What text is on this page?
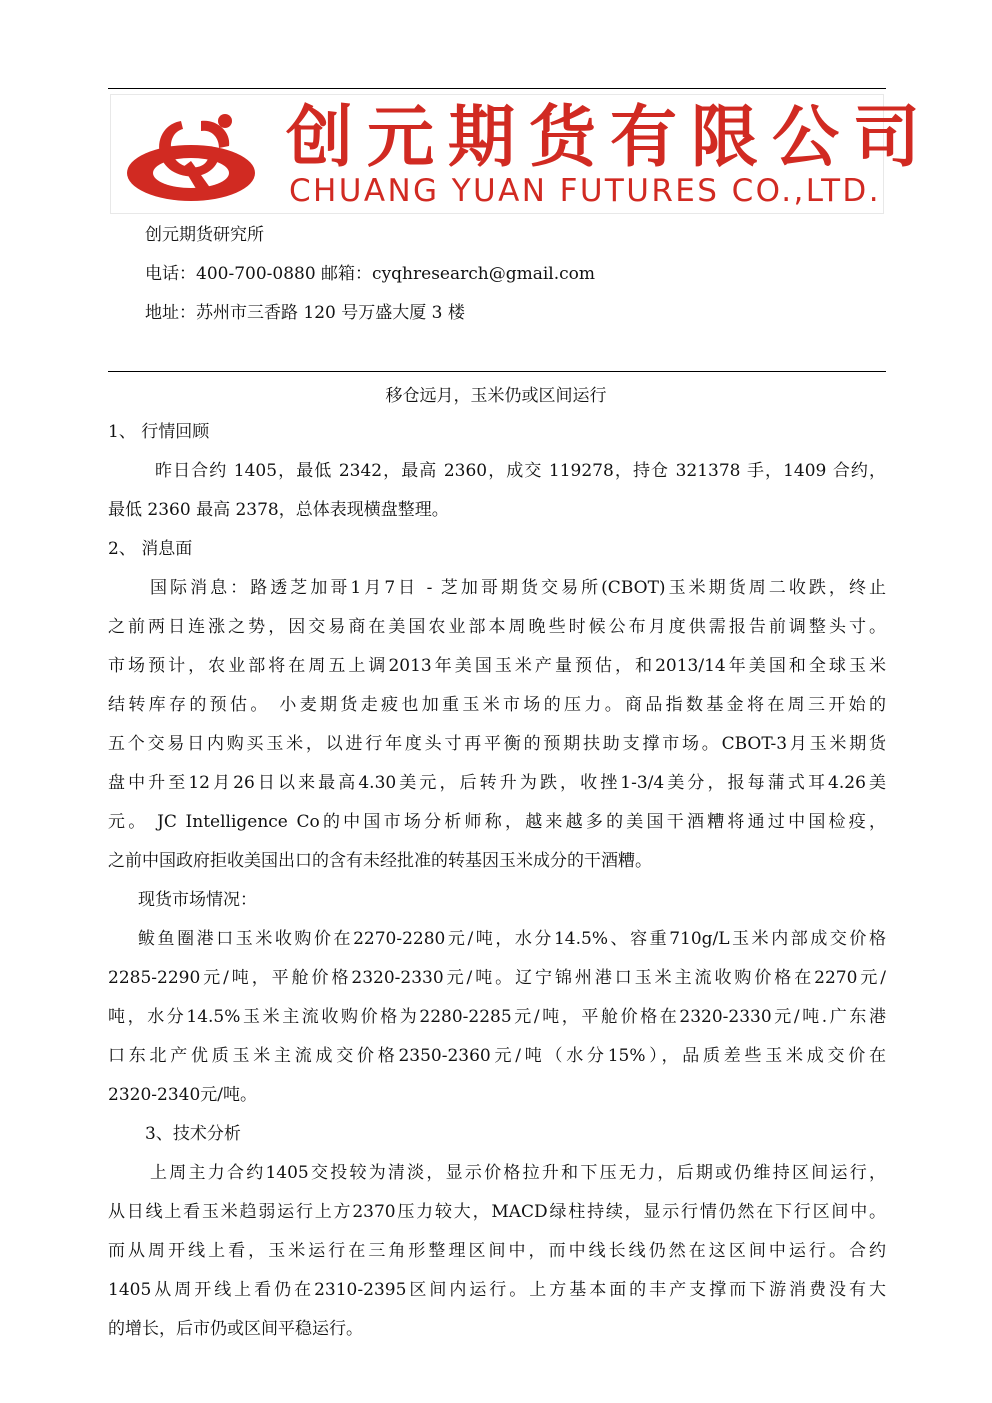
创元期货有限公司
CHUANG YUAN FUTURES CO.,LTD.
创元期货研究所
电话：400-700-0880 邮箱：cyqhresearch@gmail.com
地址：苏州市三香路 120 号万盛大厦 3 楼
移仓远月，玉米仍或区间运行
1、 行情回顾
昨日合约 1405，最低 2342，最高 2360，成交 119278，持仓 321378 手，1409 合约，
最低 2360 最高 2378，总体表现横盘整理。
2、 消息面
国际消息：路透芝加哥1月7日 - 芝加哥期货交易所(CBOT)玉米期货周二收跌，终止
之前两日连涨之势，因交易商在美国农业部本周晚些时候公布月度供需报告前调整头寸。
市场预计，农业部将在周五上调2013年美国玉米产量预估，和2013/14年美国和全球玉米
结转库存的预估。 小麦期货走疲也加重玉米市场的压力。商品指数基金将在周三开始的
五个交易日内购买玉米，以进行年度头寸再平衡的预期扶助支撑市场。CBOT-3月玉米期货
盘中升至12月26日以来最高4.30美元，后转升为跌，收挫1-3/4美分，报每蒲式耳4.26美
元。 JC Intelligence Co的中国市场分析师称，越来越多的美国干酒糟将通过中国检疫，
之前中国政府拒收美国出口的含有未经批准的转基因玉米成分的干酒糟。
现货市场情况：
鲅鱼圈港口玉米收购价在2270-2280元/吨，水分14.5%、容重710g/L玉米内部成交价格
2285-2290元/吨，平舱价格2320-2330元/吨。辽宁锦州港口玉米主流收购价格在2270元/
吨，水分14.5%玉米主流收购价格为2280-2285元/吨，平舱价格在2320-2330元/吨.广东港
口东北产优质玉米主流成交价格2350-2360元/吨（水分15%），品质差些玉米成交价在
2320-2340元/吨。
3、技术分析
上周主力合约1405交投较为清淡，显示价格拉升和下压无力，后期或仍维持区间运行，
从日线上看玉米趋弱运行上方2370压力较大，MACD绿柱持续，显示行情仍然在下行区间中。
而从周开线上看，玉米运行在三角形整理区间中，而中线长线仍然在这区间中运行。合约
1405从周开线上看仍在2310-2395区间内运行。上方基本面的丰产支撑而下游消费没有大
的增长，后市仍或区间平稳运行。
